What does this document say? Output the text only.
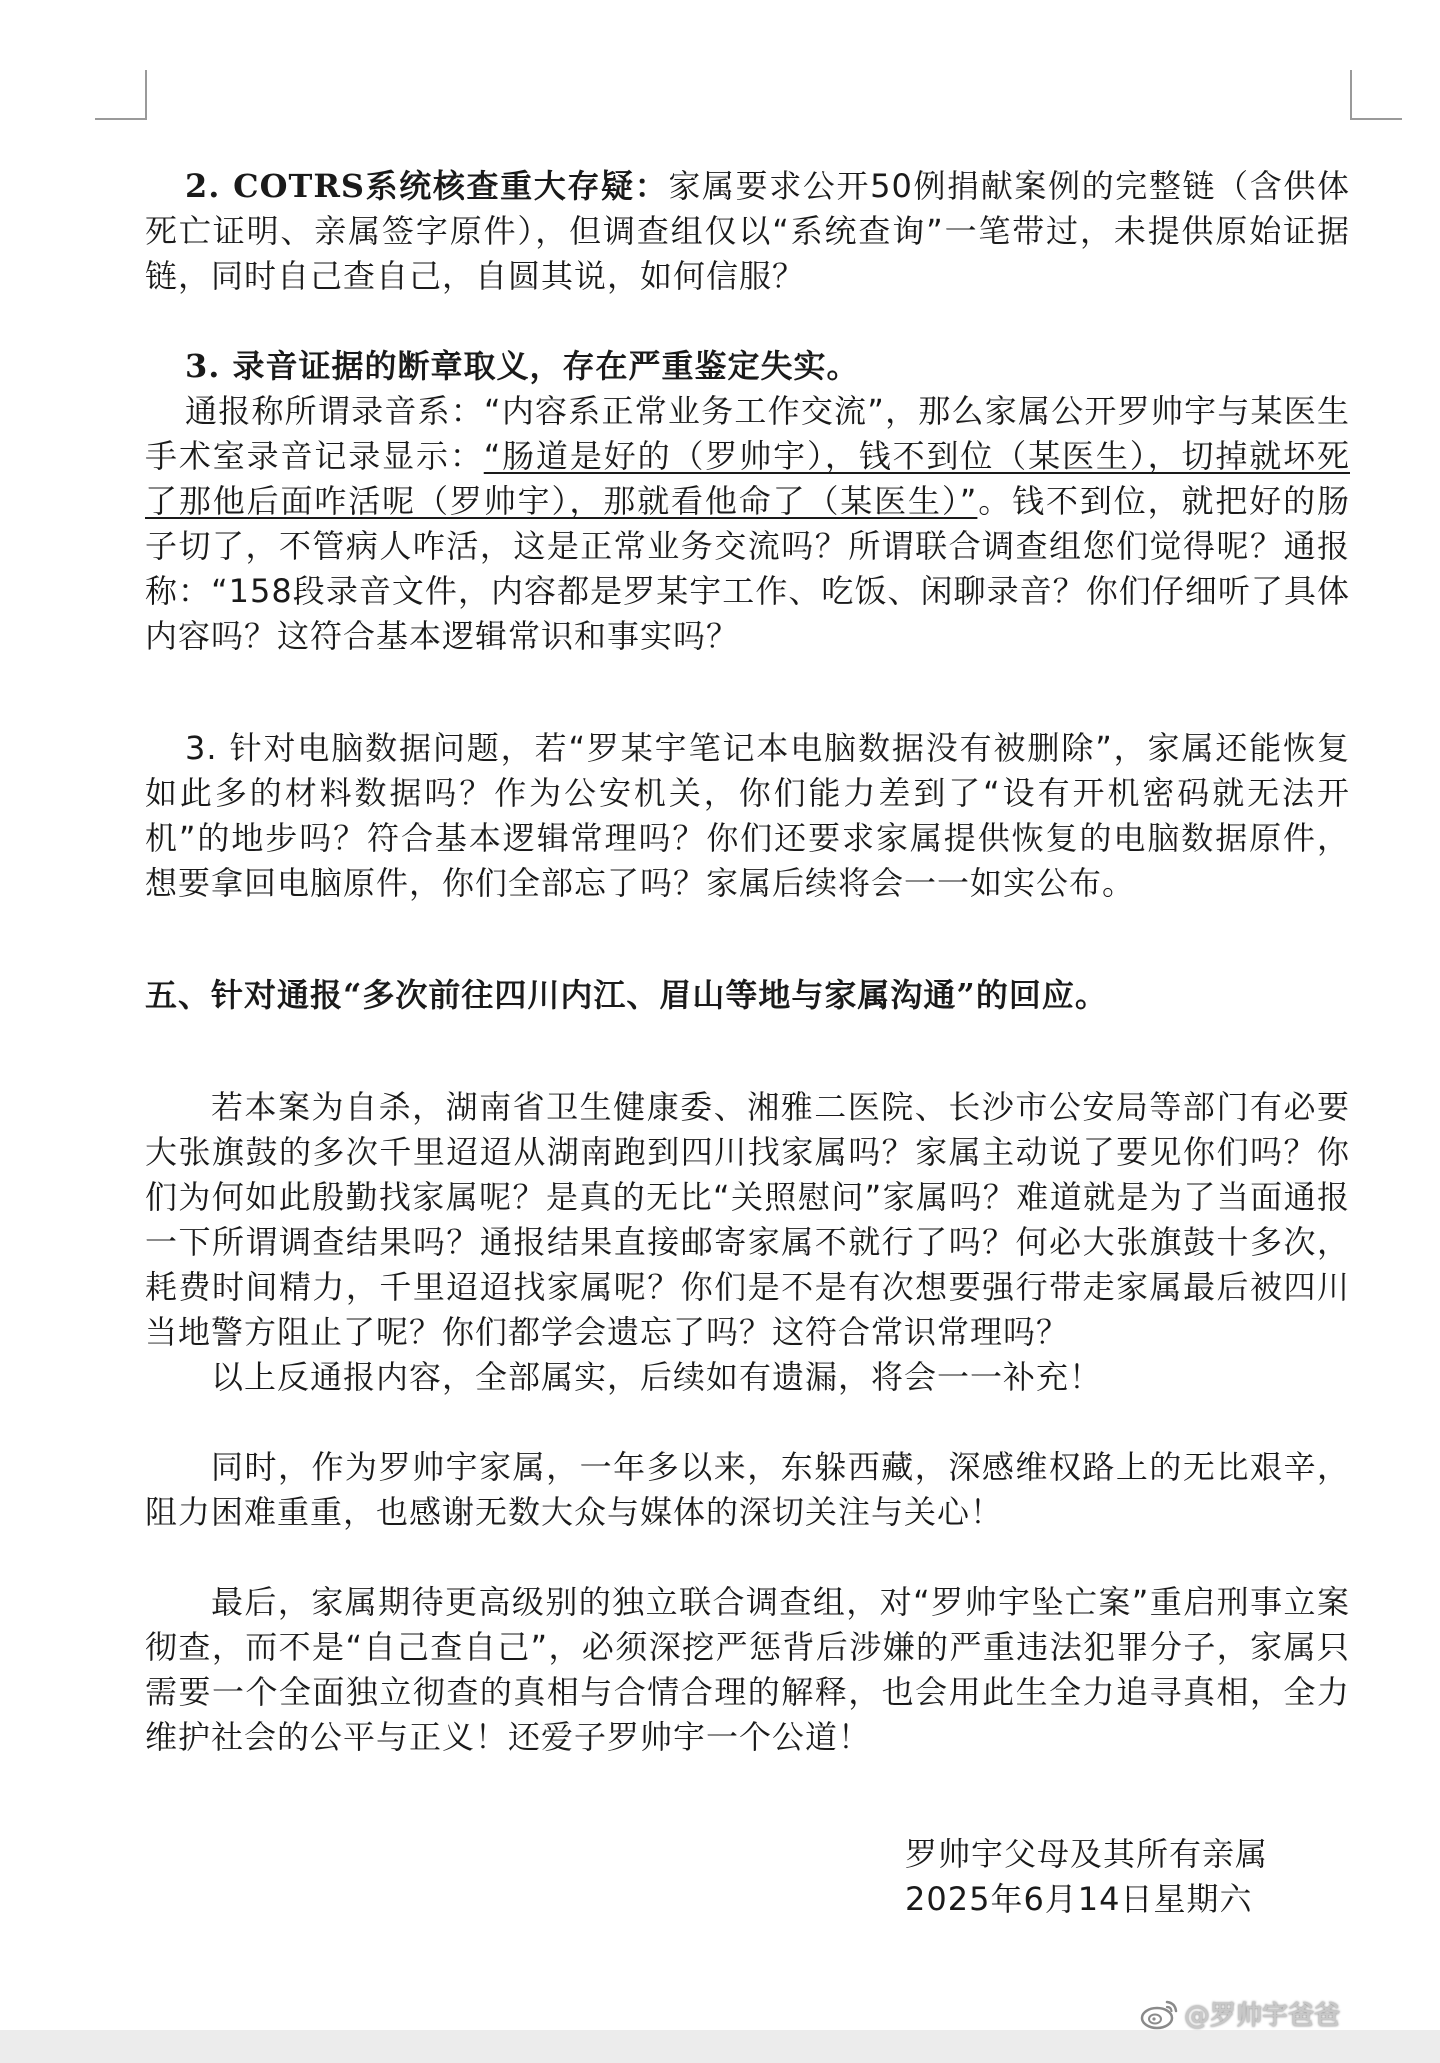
2. COTRS系统核查重大存疑：家属要求公开50例捐献案例的完整链（含供体死亡证明、亲属签字原件），但调查组仅以“系统查询”一笔带过，未提供原始证据链，同时自己查自己，自圆其说，如何信服？

3. 录音证据的断章取义，存在严重鉴定失实。

通报称所谓录音系：“内容系正常业务工作交流”，那么家属公开罗帅宇与某医生手术室录音记录显示：“肠道是好的（罗帅宇），钱不到位（某医生），切掉就坏死了那他后面咋活呢（罗帅宇），那就看他命了（某医生）”。钱不到位，就把好的肠子切了，不管病人咋活，这是正常业务交流吗？所谓联合调查组您们觉得呢？通报称：“158段录音文件，内容都是罗某宇工作、吃饭、闲聊录音？你们仔细听了具体内容吗？这符合基本逻辑常识和事实吗？

3. 针对电脑数据问题，若“罗某宇笔记本电脑数据没有被删除”，家属还能恢复如此多的材料数据吗？作为公安机关，你们能力差到了“设有开机密码就无法开机”的地步吗？符合基本逻辑常理吗？你们还要求家属提供恢复的电脑数据原件，想要拿回电脑原件，你们全部忘了吗？家属后续将会一一如实公布。

五、针对通报“多次前往四川内江、眉山等地与家属沟通”的回应。

若本案为自杀，湖南省卫生健康委、湘雅二医院、长沙市公安局等部门有必要大张旗鼓的多次千里迢迢从湖南跑到四川找家属吗？家属主动说了要见你们吗？你们为何如此殷勤找家属呢？是真的无比“关照慰问”家属吗？难道就是为了当面通报一下所谓调查结果吗？通报结果直接邮寄家属不就行了吗？何必大张旗鼓十多次，耗费时间精力，千里迢迢找家属呢？你们是不是有次想要强行带走家属最后被四川当地警方阻止了呢？你们都学会遗忘了吗？这符合常识常理吗？

以上反通报内容，全部属实，后续如有遗漏，将会一一补充！

同时，作为罗帅宇家属，一年多以来，东躲西藏，深感维权路上的无比艰辛，阻力困难重重，也感谢无数大众与媒体的深切关注与关心！

最后，家属期待更高级别的独立联合调查组，对“罗帅宇坠亡案”重启刑事立案彻查，而不是“自己查自己”，必须深挖严惩背后涉嫌的严重违法犯罪分子，家属只需要一个全面独立彻查的真相与合情合理的解释，也会用此生全力追寻真相，全力维护社会的公平与正义！还爱子罗帅宇一个公道！

罗帅宇父母及其所有亲属
2025年6月14日星期六
@罗帅宇爸爸
